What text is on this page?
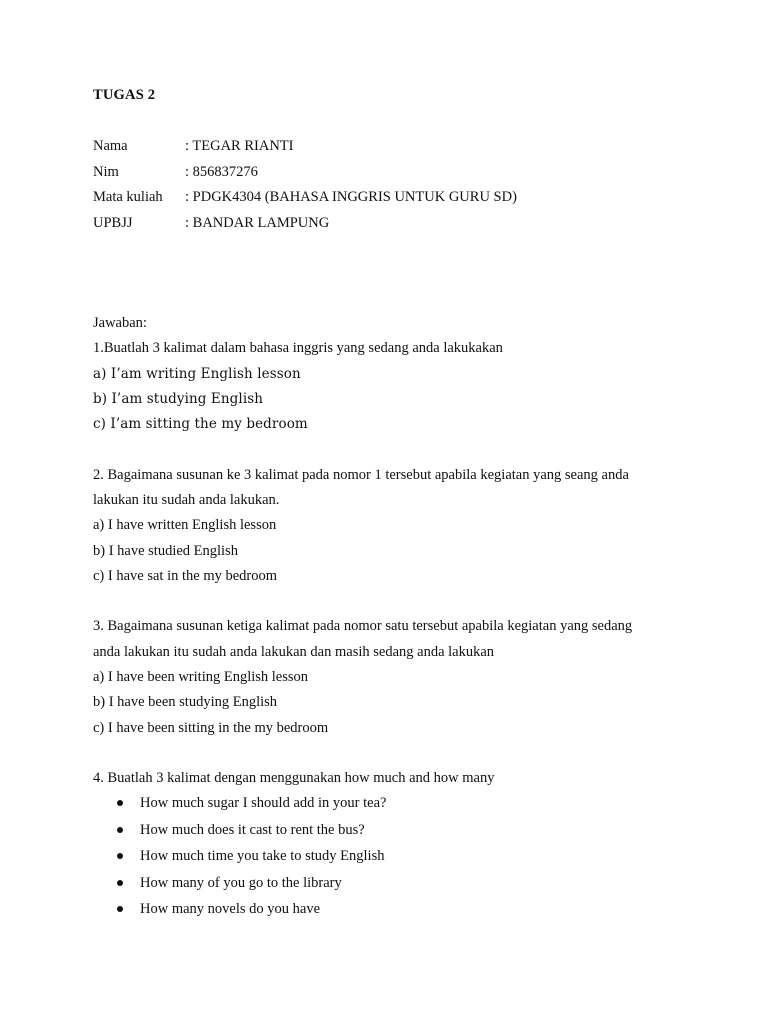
TUGAS 2
Nama	: TEGAR RIANTI
Nim	: 856837276
Mata kuliah : PDGK4304 (BAHASA INGGRIS UNTUK GURU SD)
UPBJJ	: BANDAR LAMPUNG
Jawaban:
1.Buatlah 3 kalimat dalam bahasa inggris yang sedang anda lakukakan
a) I’am writing English lesson
b) I’am studying English
c) I’am sitting the my bedroom
2. Bagaimana susunan ke 3 kalimat pada nomor 1 tersebut apabila kegiatan yang seang anda
lakukan itu sudah anda lakukan.
a) I have written English lesson
b) I have studied English
c) I have sat in the my bedroom
3. Bagaimana susunan ketiga kalimat pada nomor satu tersebut apabila kegiatan yang sedang
anda lakukan itu sudah anda lakukan dan masih sedang anda lakukan
a) I have been writing English lesson
b) I have been studying English
c) I have been sitting in the my bedroom
4. Buatlah 3 kalimat dengan menggunakan how much and how many
How much sugar I should add in your tea?
How much does it cast to rent the bus?
How much time you take to study English
How many of you go to the library
How many novels do you have
